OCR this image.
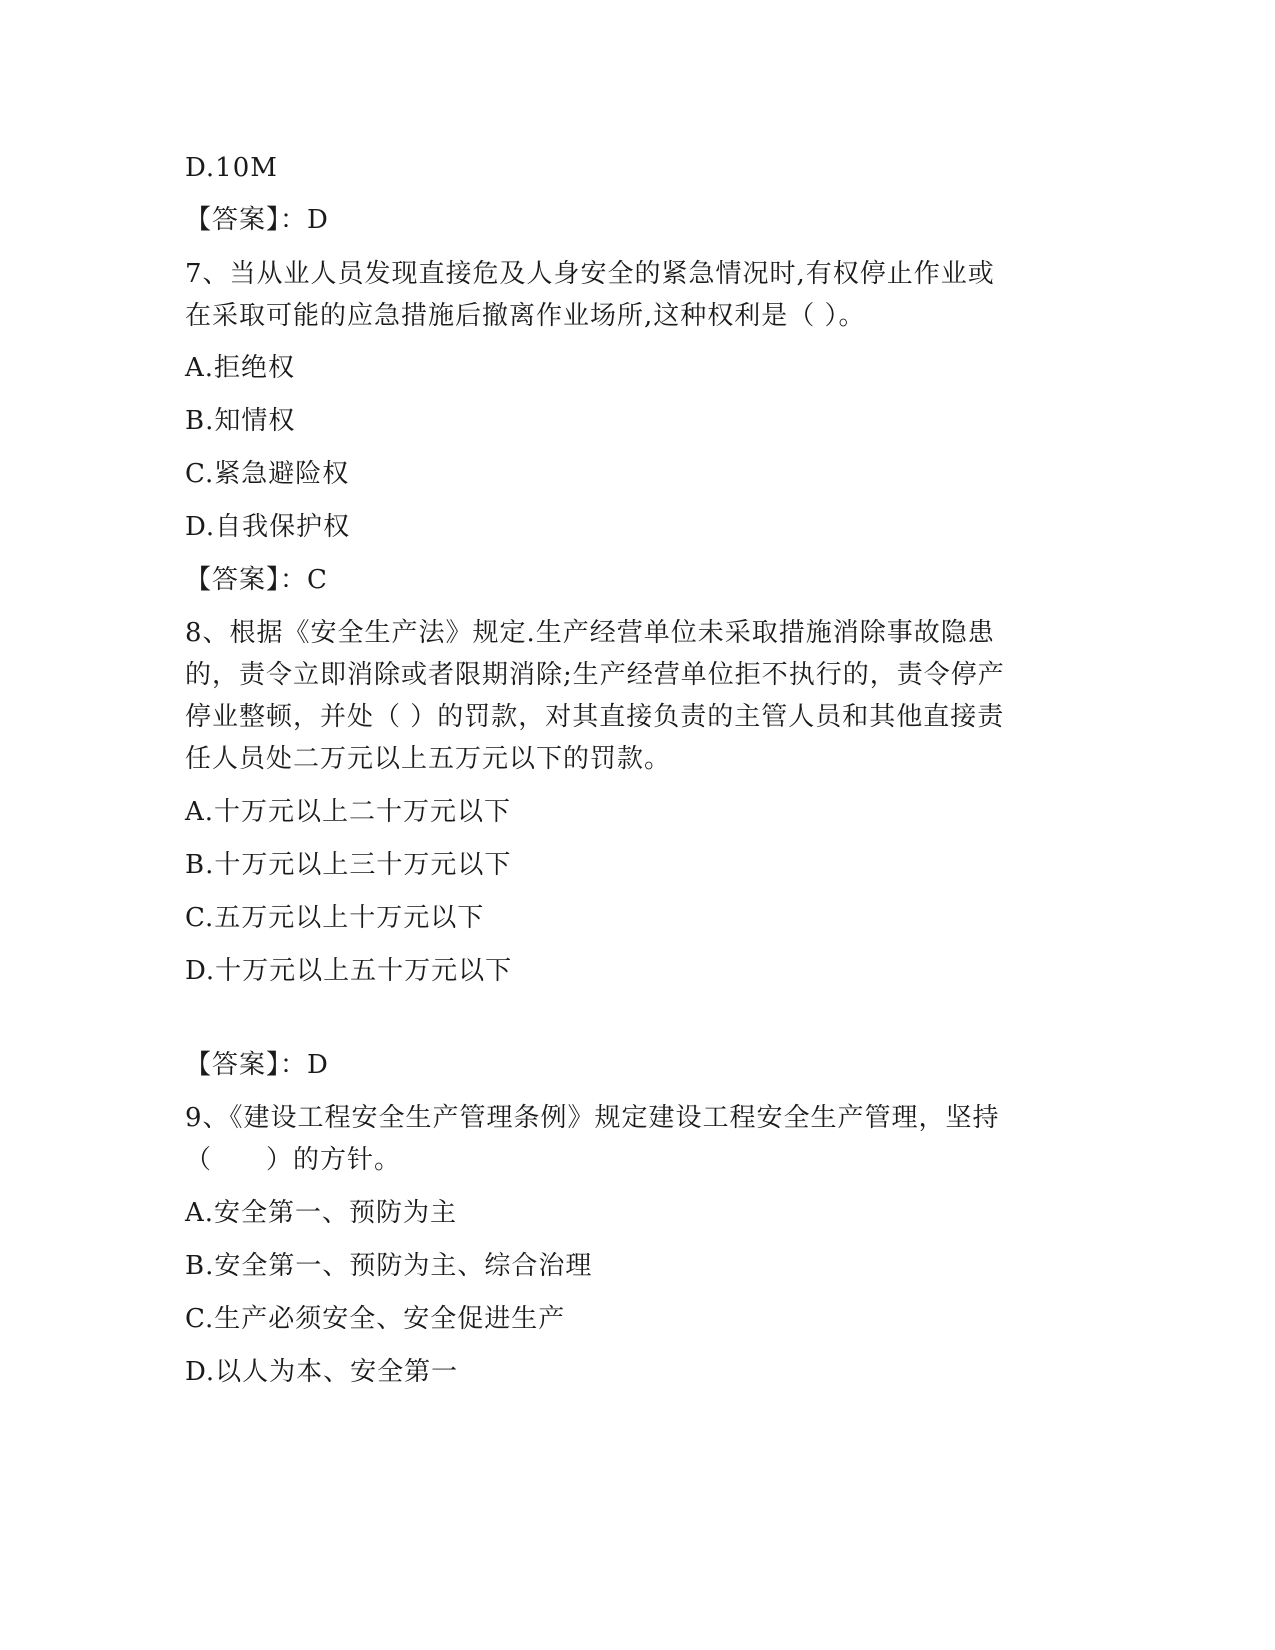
D.10M
【答案】：D
7、当从业人员发现直接危及人身安全的紧急情况时,有权停止作业或
在采取可能的应急措施后撤离作业场所,这种权利是（ ）。
A.拒绝权
B.知情权
C.紧急避险权
D.自我保护权
【答案】：C
8、根据《安全生产法》规定.生产经营单位未采取措施消除事故隐患
的，责令立即消除或者限期消除;生产经营单位拒不执行的，责令停产
停业整顿，并处（ ）的罚款，对其直接负责的主管人员和其他直接责
任人员处二万元以上五万元以下的罚款。
A.十万元以上二十万元以下
B.十万元以上三十万元以下
C.五万元以上十万元以下
D.十万元以上五十万元以下
【答案】：D
9、《建设工程安全生产管理条例》规定建设工程安全生产管理，坚持
（　　）的方针。
A.安全第一、预防为主
B.安全第一、预防为主、综合治理
C.生产必须安全、安全促进生产
D.以人为本、安全第一
